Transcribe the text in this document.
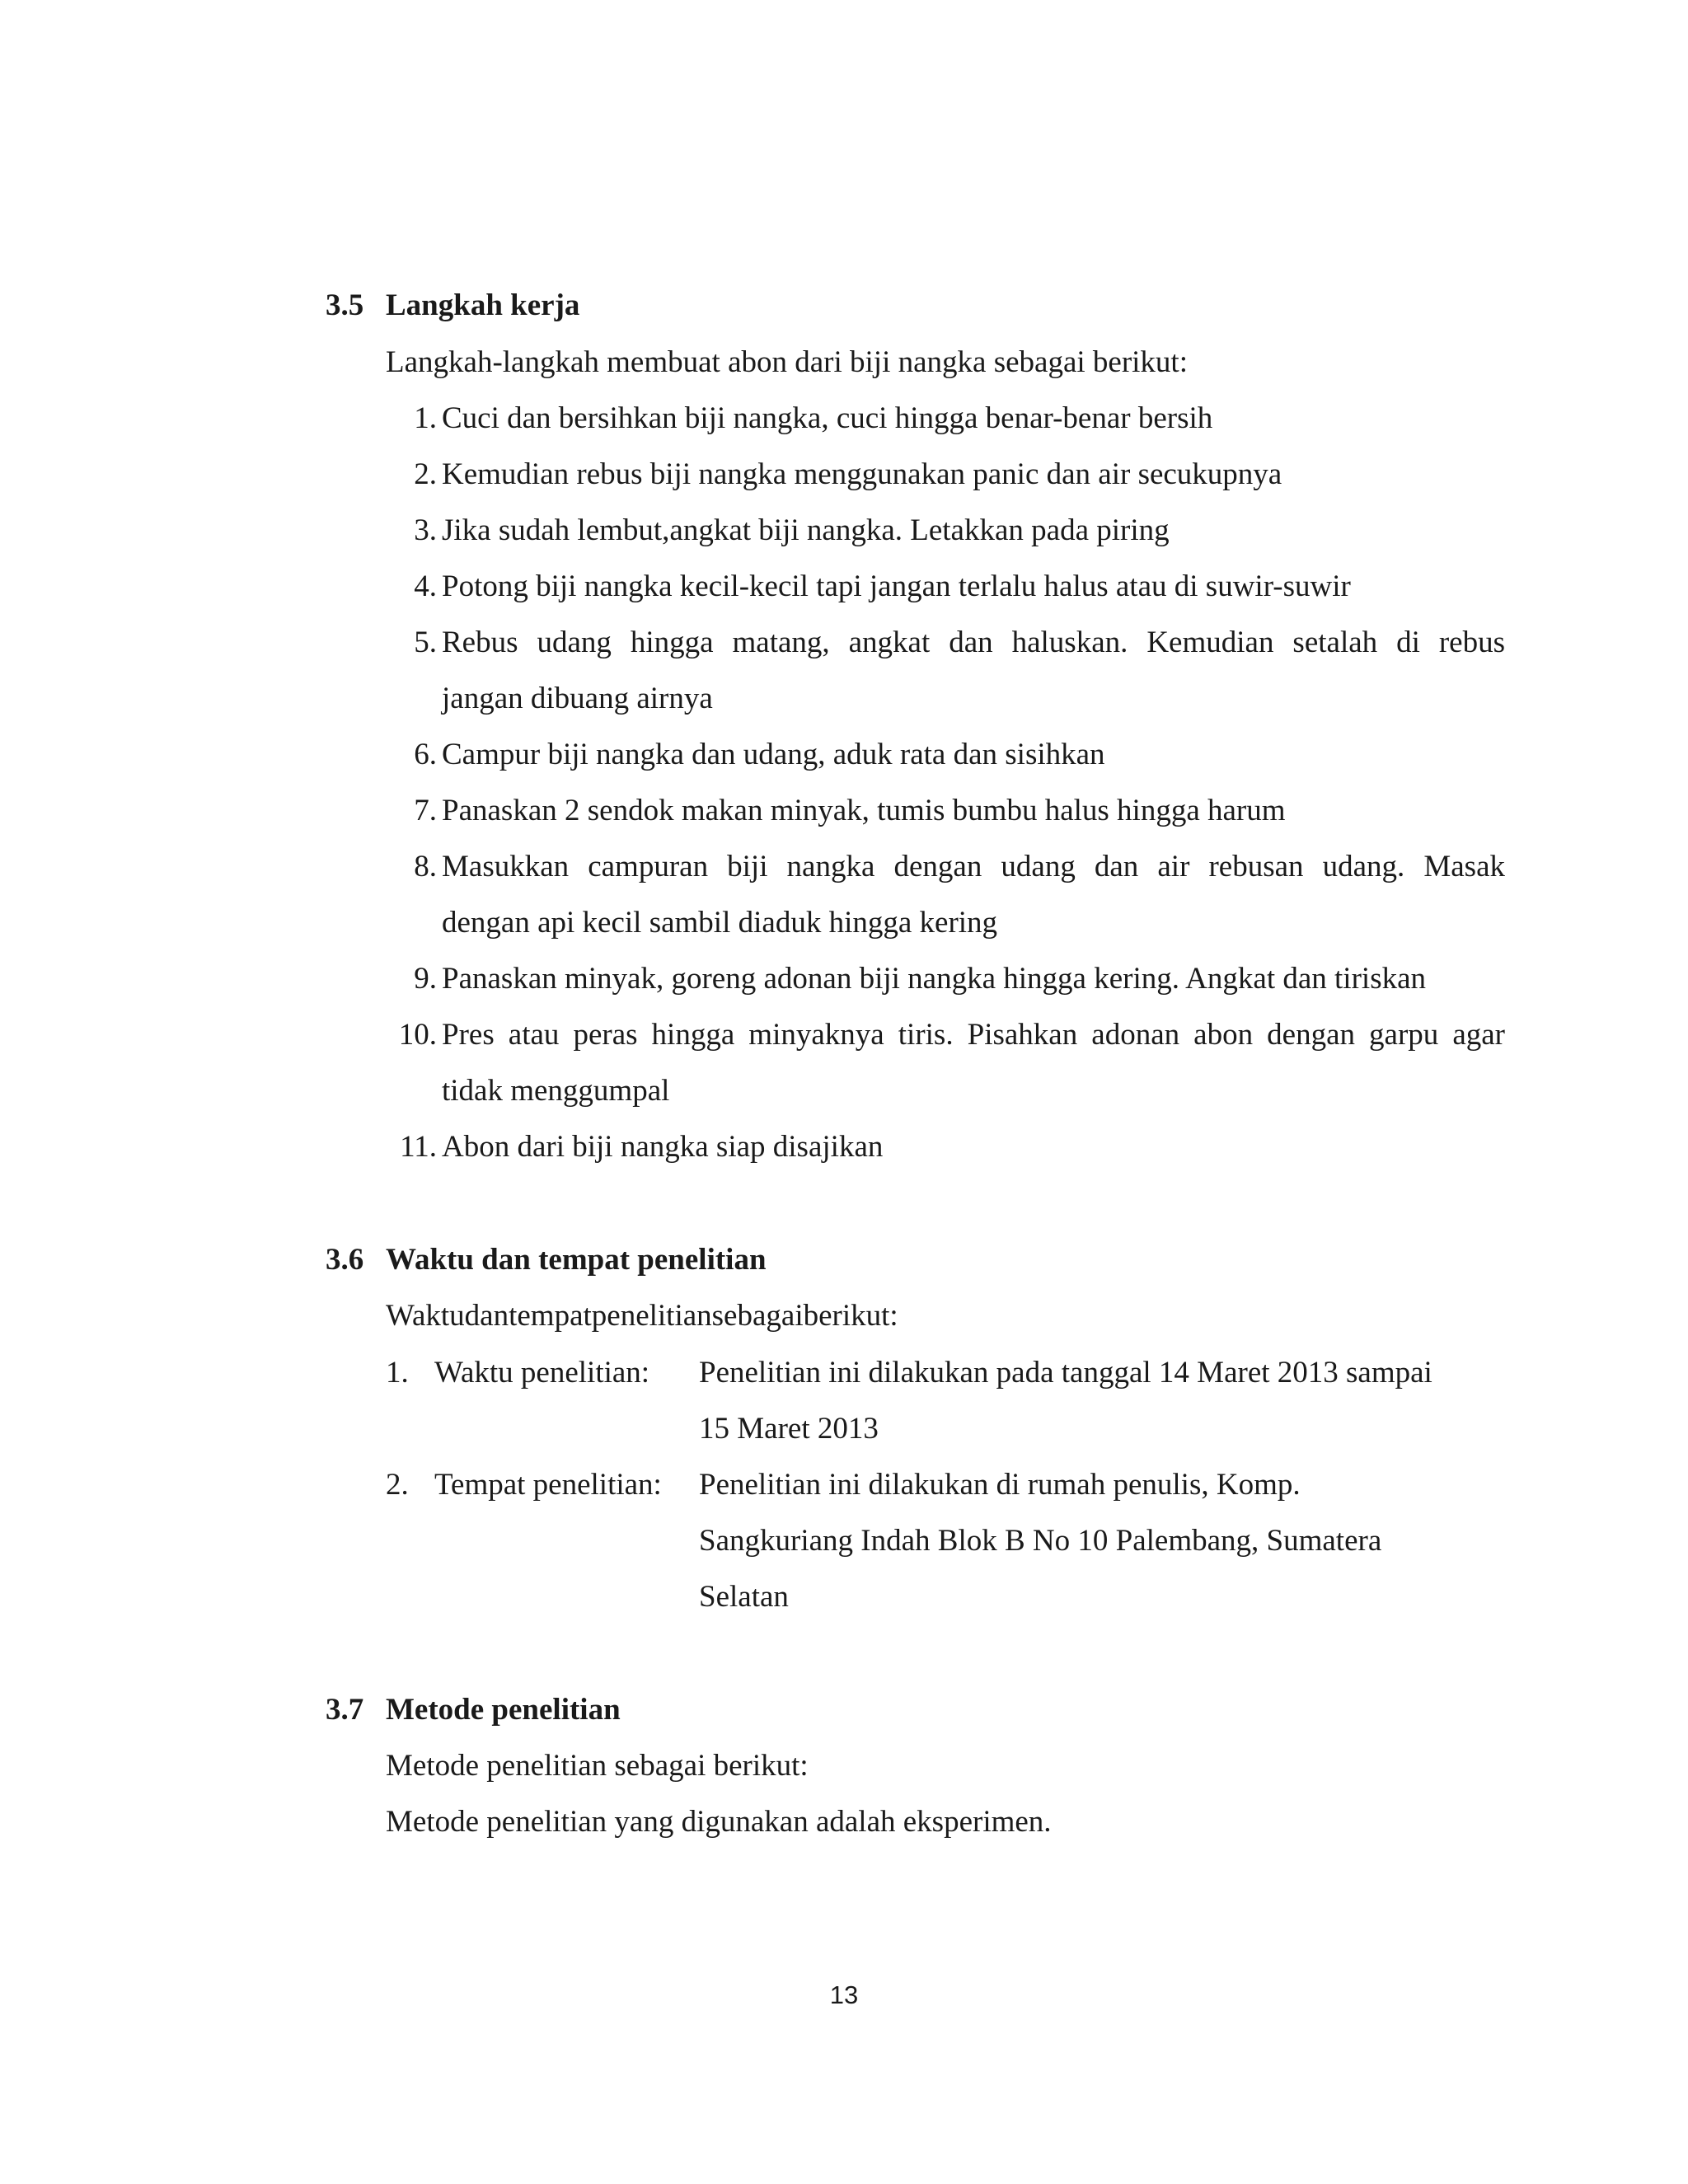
3.5 Langkah kerja
Langkah-langkah membuat abon dari biji nangka sebagai berikut:
1. Cuci dan bersihkan biji nangka, cuci hingga benar-benar bersih
2. Kemudian rebus biji nangka menggunakan panic dan air secukupnya
3. Jika sudah lembut,angkat biji nangka. Letakkan pada piring
4. Potong biji nangka kecil-kecil tapi jangan terlalu halus atau di suwir-suwir
5. Rebus udang hingga matang, angkat dan haluskan. Kemudian setalah di rebus
jangan dibuang airnya
6. Campur biji nangka dan udang, aduk rata dan sisihkan
7. Panaskan 2 sendok makan minyak, tumis bumbu halus hingga harum
8. Masukkan campuran biji nangka dengan udang dan air rebusan udang. Masak
dengan api kecil sambil diaduk hingga kering
9. Panaskan minyak, goreng adonan biji nangka hingga kering. Angkat dan tiriskan
10. Pres atau peras hingga minyaknya tiris. Pisahkan adonan abon dengan garpu agar
tidak menggumpal
11. Abon dari biji nangka siap disajikan
3.6 Waktu dan tempat penelitian
Waktudantempatpenelitiansebagaiberikut:
1. Waktu penelitian: Penelitian ini dilakukan pada tanggal 14 Maret 2013 sampai
15 Maret 2013
2. Tempat penelitian: Penelitian ini dilakukan di rumah penulis, Komp.
Sangkuriang Indah Blok B No 10 Palembang, Sumatera
Selatan
3.7 Metode penelitian
Metode penelitian sebagai berikut:
Metode penelitian yang digunakan adalah eksperimen.
13
